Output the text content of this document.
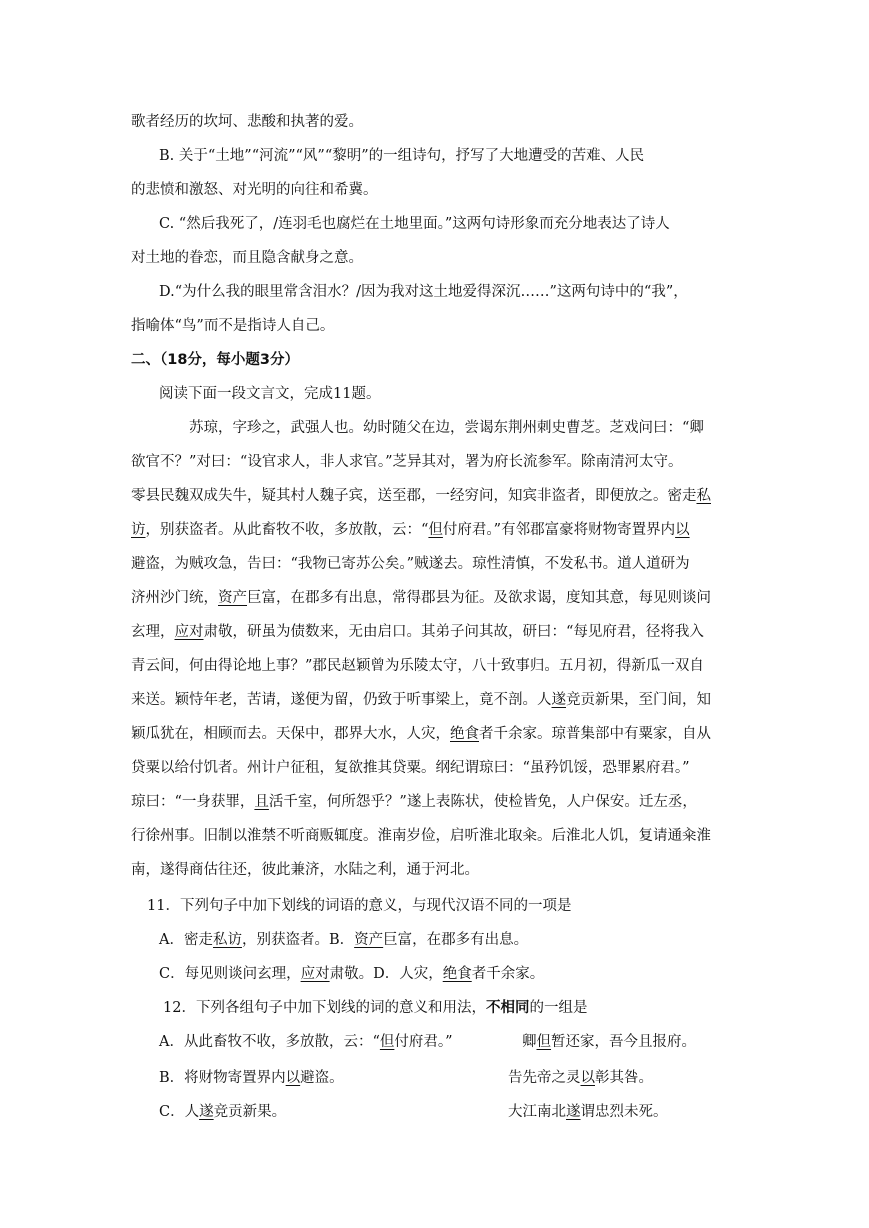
歌者经历的坎坷、悲酸和执著的爱。
B. 关于“土地”“河流”“风”“黎明”的一组诗句，抒写了大地遭受的苦难、人民
的悲愤和激怒、对光明的向往和希冀。
C. “然后我死了，/连羽毛也腐烂在土地里面。”这两句诗形象而充分地表达了诗人
对土地的眷恋，而且隐含献身之意。
D.“为什么我的眼里常含泪水？/因为我对这土地爱得深沉……”这两句诗中的“我”，
指喻体“鸟”而不是指诗人自己。
二、（18分，每小题3分）
阅读下面一段文言文，完成11题。
苏琼，字珍之，武强人也。幼时随父在边，尝谒东荆州刺史曹芝。芝戏问曰：“卿
欲官不？”对曰：“设官求人，非人求官。”芝异其对，署为府长流参军。除南清河太守。
零县民魏双成失牛，疑其村人魏子宾，送至郡，一经穷问，知宾非盗者，即便放之。密走私
访，别获盗者。从此畜牧不收，多放散，云：“但付府君。”有邻郡富豪将财物寄置界内以
避盗，为贼攻急，告曰：“我物已寄苏公矣。”贼遂去。琼性清慎，不发私书。道人道研为
济州沙门统，资产巨富，在郡多有出息，常得郡县为征。及欲求谒，度知其意，每见则谈问
玄理，应对肃敬，研虽为债数来，无由启口。其弟子问其故，研曰：“每见府君，径将我入
青云间，何由得论地上事？”郡民赵颖曾为乐陵太守，八十致事归。五月初，得新瓜一双自
来送。颖恃年老，苦请，遂便为留，仍致于听事梁上，竟不剖。人遂竞贡新果，至门间，知
颖瓜犹在，相顾而去。天保中，郡界大水，人灾，绝食者千余家。琼普集部中有粟家，自从
贷粟以给付饥者。州计户征租，复欲推其贷粟。纲纪谓琼曰：“虽矜饥馁，恐罪累府君。”
琼曰：“一身获罪，且活千室，何所怨乎？”遂上表陈状，使检皆免，人户保安。迁左丞，
行徐州事。旧制以淮禁不听商贩辄度。淮南岁俭，启听淮北取籴。后淮北人饥，复请通籴淮
南，遂得商估往还，彼此兼济，水陆之利，通于河北。
11．下列句子中加下划线的词语的意义，与现代汉语不同的一项是
A．密走私访，别获盗者。B．资产巨富，在郡多有出息。
C．每见则谈问玄理，应对肃敬。D．人灾，绝食者千余家。
12．下列各组句子中加下划线的词的意义和用法，不相同的一组是
A．从此畜牧不收，多放散，云：“但付府君。”	卿但暂还家，吾今且报府。
B．将财物寄置界内以避盗。	告先帝之灵以彰其咎。
C．人遂竞贡新果。	大江南北遂谓忠烈未死。
